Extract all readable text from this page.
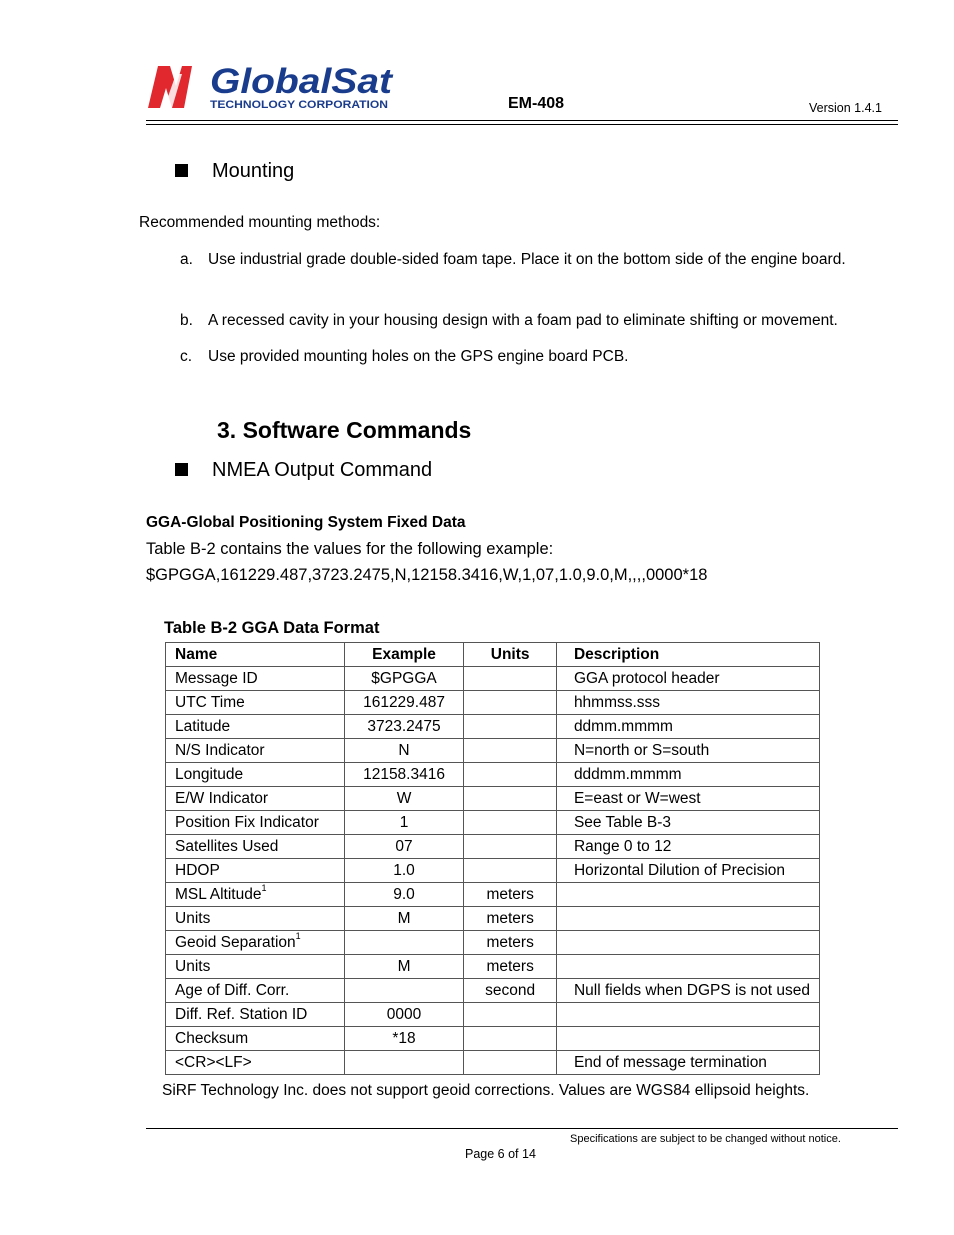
GlobalSat
TECHNOLOGY CORPORATION	EM-408	Version 1.4.1
Mounting
Recommended mounting methods:
a. Use industrial grade double-sided foam tape. Place it on the bottom side of the engine board.
b. A recessed cavity in your housing design with a foam pad to eliminate shifting or movement.
c.	Use provided mounting holes on the GPS engine board PCB.
3. Software Commands
NMEA Output Command
GGA-Global Positioning System Fixed Data
Table B-2 contains the values for the following example:
$GPGGA,161229.487,3723.2475,N,12158.3416,W,1,07,1.0,9.0,M,,,,0000*18
Table B-2 GGA Data Format
Name	Example	Units	Description
Message ID	$GPGGA		GGA protocol header
UTC Time	161229.487		hhmmss.sss
Latitude	3723.2475		ddmm.mmmm
N/S Indicator	N		N=north or S=south
Longitude	12158.3416		dddmm.mmmm
E/W Indicator	W		E=east or W=west
Position Fix Indicator	1		See Table B-3
Satellites Used	07		Range 0 to 12
HDOP	1.0		Horizontal Dilution of Precision
MSL Altitude$^1$	9.0	meters	
Units	M	meters	
Geoid Separation$^1$		meters	
Units	M	meters	
Age of Diff. Corr.		second	Null fields when DGPS is not used
Diff. Ref. Station ID	0000		
Checksum	*18		
<CR><LF>			End of message termination
SiRF Technology Inc. does not support geoid corrections. Values are WGS84 ellipsoid heights.
Specifications are subject to be changed without notice.
Page 6 of 14
